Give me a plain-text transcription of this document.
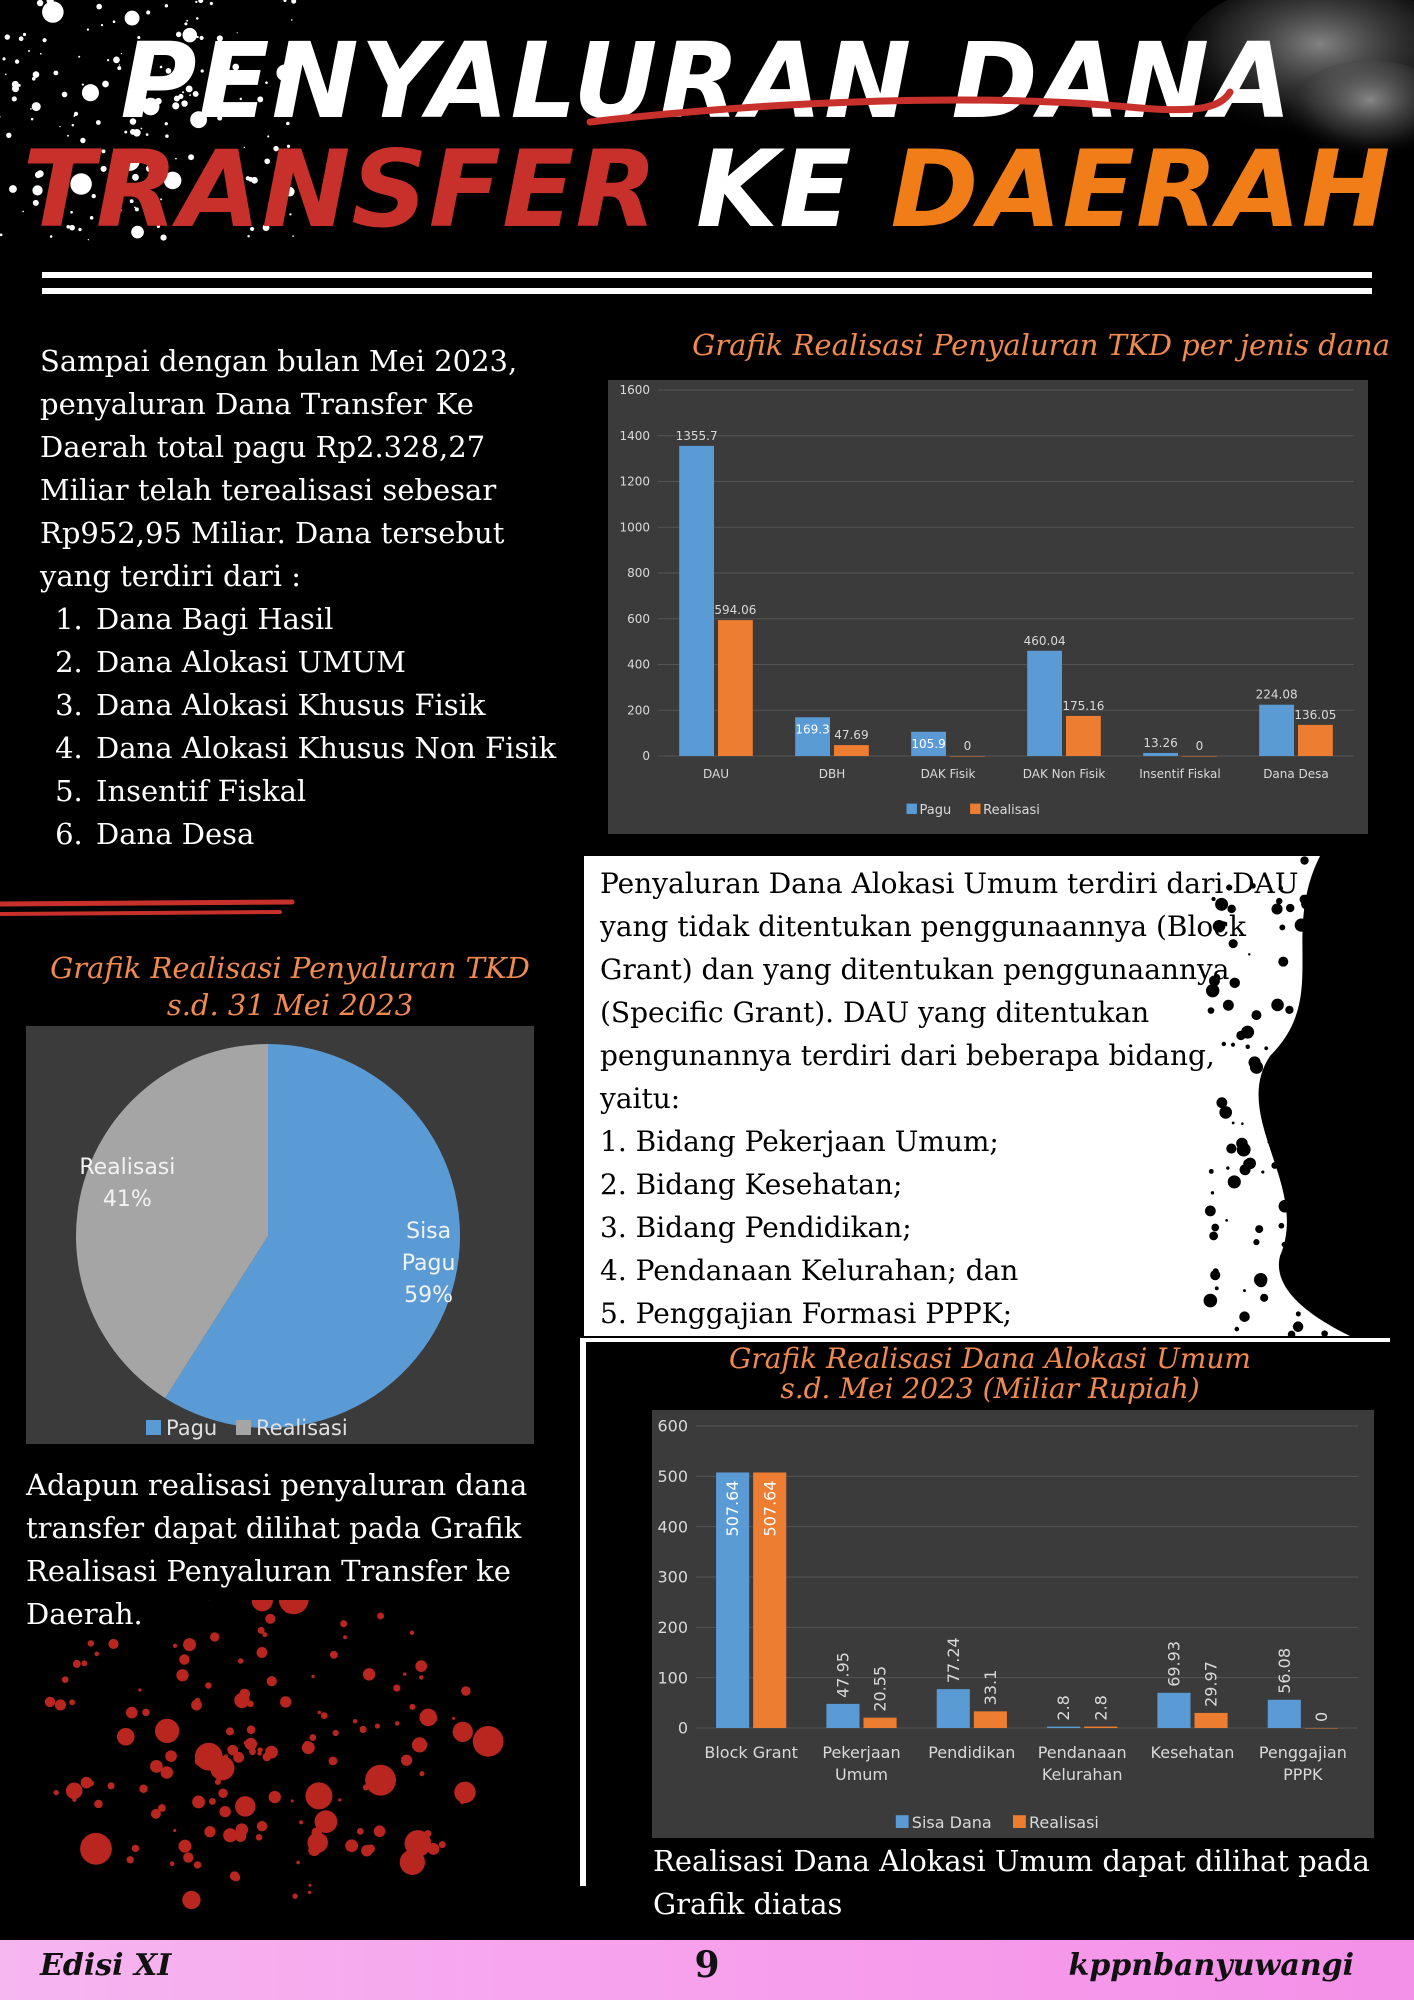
PENYALURAN DANA
TRANSFER KE DAERAH
Sampai dengan bulan Mei 2023, penyaluran Dana Transfer Ke Daerah total pagu Rp2.328,27 Miliar telah terealisasi sebesar Rp952,95 Miliar. Dana tersebut yang terdiri dari :
1. Dana Bagi Hasil
2. Dana Alokasi UMUM
3. Dana Alokasi Khusus Fisik
4. Dana Alokasi Khusus Non Fisik
5. Insentif Fiskal
6. Dana Desa
Grafik Realisasi Penyaluran TKD per jenis dana
0
200
400
600
800
1000
1200
1400
1600
1355.7
594.06
DAU
169.3 47.69
DBH
105.9 0
DAK Fisik
460.04
175.16
DAK Non Fisik
13.26 0
Insentif Fiskal
224.08
136.05
Dana Desa
Pagu Realisasi
Grafik Realisasi Penyaluran TKD
s.d. 31 Mei 2023
Sisa
Pagu
59%
Realisasi
41%
Pagu Realisasi

Penyaluran Dana Alokasi Umum terdiri dari DAU

yang tidak ditentukan penggunaannya (Block

Grant) dan yang ditentukan penggunaannya

(Specific Grant). DAU yang ditentukan

pengunannya terdiri dari beberapa bidang,

yaitu:

1. Bidang Pekerjaan Umum;

2. Bidang Kesehatan;

3. Bidang Pendidikan;

4. Pendanaan Kelurahan; dan

5. Penggajian Formasi PPPK;

Grafik Realisasi Dana Alokasi Umum
s.d. Mei 2023 (Miliar Rupiah)
0
100
200
300
400
500
600
507.64 507.64
Block Grant
47.95 20.55
Pekerjaan
Umum
77.24
33.1
Pendidikan
2.8 2.8
Pendanaan
Kelurahan
69.93 29.97
Kesehatan
56.08
0
Penggajian
PPPK
Sisa Dana Realisasi
Adapun realisasi penyaluran dana transfer dapat dilihat pada Grafik Realisasi Penyaluran Transfer ke Daerah.
Realisasi Dana Alokasi Umum dapat dilihat pada Grafik diatas
Edisi XI	9	kppnbanyuwangi
